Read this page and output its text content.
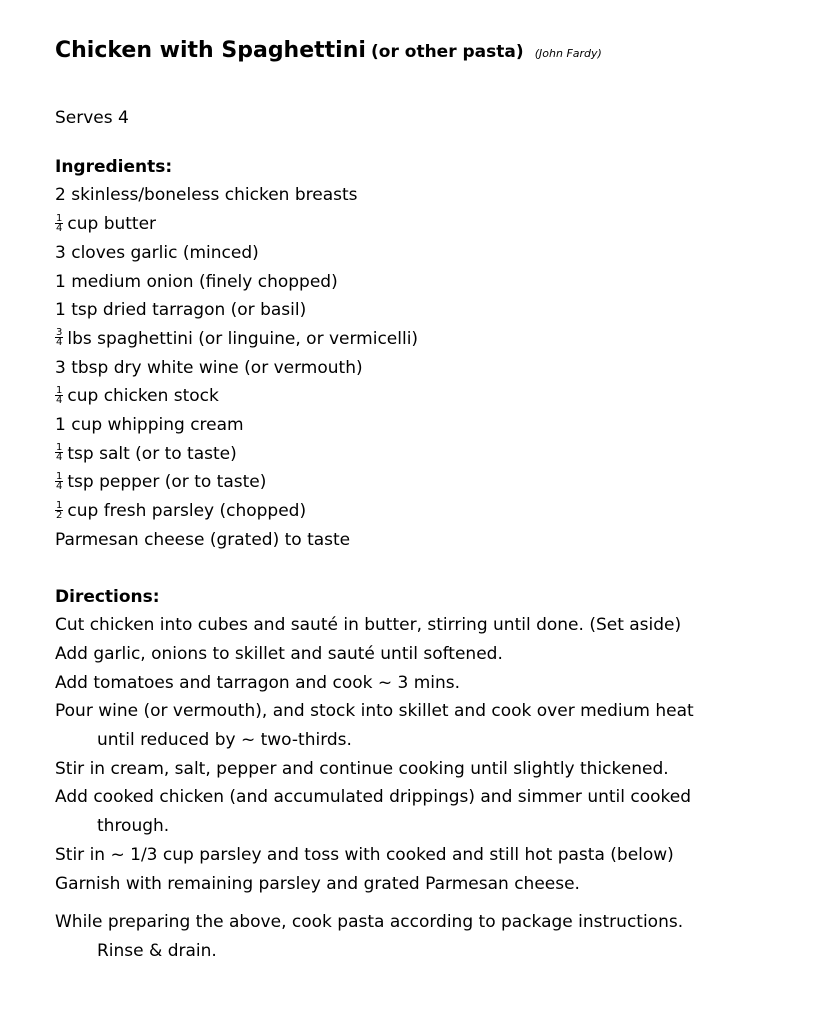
Chicken with Spaghettini (or other pasta) (John Fardy)
Serves 4
Ingredients:
2 skinless/boneless chicken breasts
$\frac{1}{4}$ cup butter
3 cloves garlic (minced)
1 medium onion (finely chopped)
1 tsp dried tarragon (or basil)
$\frac{3}{4}$ lbs spaghettini (or linguine, or vermicelli)
3 tbsp dry white wine (or vermouth)
$\frac{1}{4}$ cup chicken stock
1 cup whipping cream
$\frac{1}{4}$ tsp salt (or to taste)
$\frac{1}{4}$ tsp pepper (or to taste)
$\frac{1}{2}$ cup fresh parsley (chopped)
Parmesan cheese (grated) to taste
Directions:
Cut chicken into cubes and sauté in butter, stirring until done. (Set aside)
Add garlic, onions to skillet and sauté until softened.
Add tomatoes and tarragon and cook ~ 3 mins.
Pour wine (or vermouth), and stock into skillet and cook over medium heat
until reduced by ~ two-thirds.
Stir in cream, salt, pepper and continue cooking until slightly thickened.
Add cooked chicken (and accumulated drippings) and simmer until cooked
through.
Stir in ~ 1/3 cup parsley and toss with cooked and still hot pasta (below)
Garnish with remaining parsley and grated Parmesan cheese.
While preparing the above, cook pasta according to package instructions.
Rinse & drain.
